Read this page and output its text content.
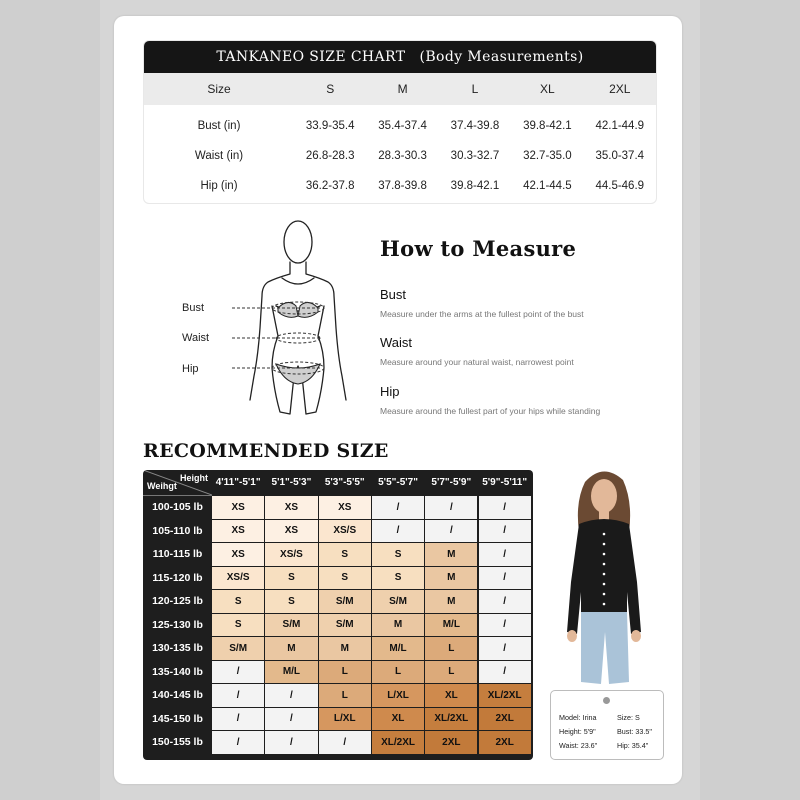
TANKANEO SIZE CHART (Body Measurements)
Size	S	M	L	XL	2XL
Bust (in)	33.9-35.4	35.4-37.4	37.4-39.8	39.8-42.1	42.1-44.9
Waist (in)	26.8-28.3	28.3-30.3	30.3-32.7	32.7-35.0	35.0-37.4
Hip (in)	36.2-37.8	37.8-39.8	39.8-42.1	42.1-44.5	44.5-46.9
Bust
Waist
Hip
How to Measure
Bust
Measure under the arms at the fullest point of the bust
Waist
Measure around your natural waist, narrowest point
Hip
Measure around the fullest part of your hips while standing
RECOMMENDED SIZE
Height
Weihgt	4'11"-5'1"	5'1"-5'3"	5'3"-5'5"	5'5"-5'7"	5'7"-5'9"	5'9"-5'11"
100-105 lb	XS	XS	XS	/	/	/
105-110 lb	XS	XS	XS/S	/	/	/
110-115 lb	XS	XS/S	S	S	M	/
115-120 lb	XS/S	S	S	S	M	/
120-125 lb	S	S	S/M	S/M	M	/
125-130 lb	S	S/M	S/M	M	M/L	/
130-135 lb	S/M	M	M	M/L	L	/
135-140 lb	/	M/L	L	L	L	/
140-145 lb	/	/	L	L/XL	XL	XL/2XL
145-150 lb	/	/	L/XL	XL	XL/2XL	2XL
150-155 lb	/	/	/	XL/2XL	2XL	2XL
Model: Irina	Size: S
Height: 5'9"	Bust: 33.5"
Waist: 23.6"	Hip: 35.4"
